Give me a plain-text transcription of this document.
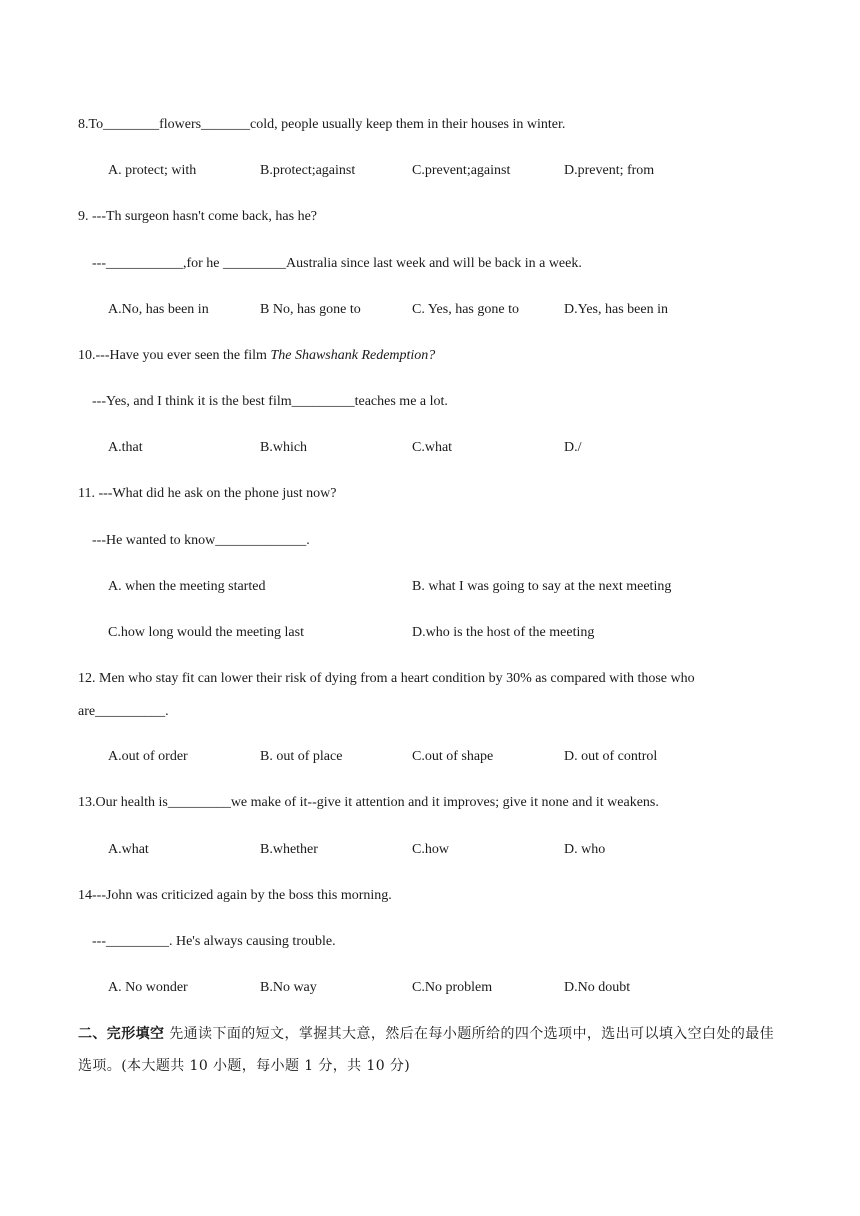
8.To________flowers_______cold, people usually keep them in their houses in winter.
A. protect; with	B.protect;against	C.prevent;against	D.prevent; from
9. ---Th surgeon hasn't come back, has he?
---___________,for he _________Australia since last week and will be back in a week.
A.No, has been in	B No, has gone to	C. Yes, has gone to	D.Yes, has been in
10.---Have you ever seen the film The Shawshank Redemption?
---Yes, and I think it is the best film_________teaches me a lot.
A.that	B.which	C.what	D./
11. ---What did he ask on the phone just now?
---He wanted to know_____________.
A. when the meeting started	B. what I was going to say at the next meeting
C.how long would the meeting last	D.who is the host of the meeting
12. Men who stay fit can lower their risk of dying from a heart condition by 30% as compared with those who
are__________.
A.out of order	B. out of place	C.out of shape	D. out of control
13.Our health is_________we make of it--give it attention and it improves; give it none and it weakens.
A.what	B.whether	C.how	D. who
14---John was criticized again by the boss this morning.
---_________. He's always causing trouble.
A. No wonder	B.No way	C.No problem	D.No doubt
二、完形填空 先通读下面的短文，掌握其大意，然后在每小题所给的四个选项中，选出可以填入空白处的最佳选项。(本大题共 10 小题，每小题 1 分，共 10 分)
